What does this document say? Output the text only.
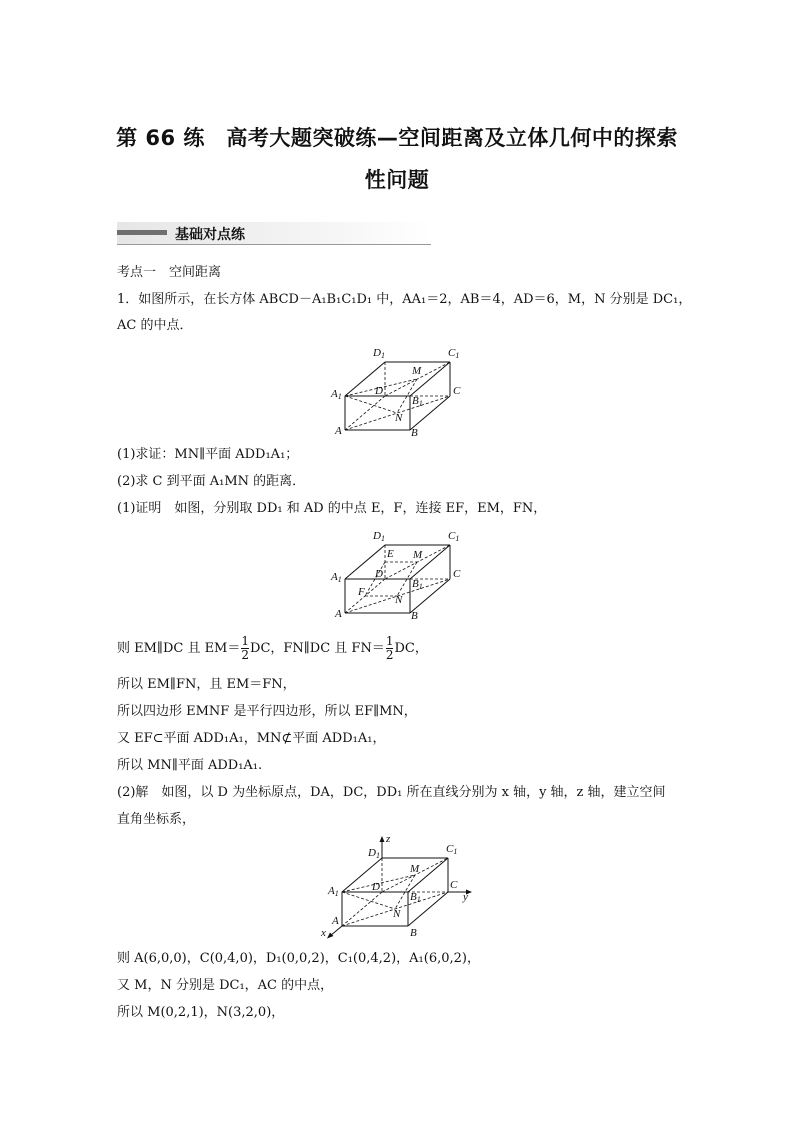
第 66 练　高考大题突破练—空间距离及立体几何中的探索
性问题
基础对点练
考点一　空间距离
1．如图所示，在长方体 ABCD－A₁B₁C₁D₁ 中，AA₁＝2，AB＝4，AD＝6，M，N 分别是 DC₁，
AC 的中点．
D1	C1
M
D	C
A1	B1
N
A	B
(1)求证：MN∥平面 ADD₁A₁；
(2)求 C 到平面 A₁MN 的距离．
(1)证明　如图，分别取 DD₁ 和 AD 的中点 E，F，连接 EF，EM，FN，
D1	C1
E M
D	C
A1	B1
F
N
A	B
则 EM∥DC 且 $EM= \frac{1}{2}$ DC，FN∥DC 且 $FN= \frac{1}{2}$ DC，
所以 EM∥FN，且 EM＝FN，
所以四边形 EMNF 是平行四边形，所以 EF∥MN，
又 EF⊂平面 ADD₁A₁，MN⊄平面 ADD₁A₁，
所以 MN∥平面 ADD₁A₁.
(2)解　如图，以 D 为坐标原点，DA，DC，DD₁ 所在直线分别为 x 轴，y 轴，z 轴，建立空间
直角坐标系，
z
D1
C1
M
D	C
y
A1	B1
N
A
B
x
则 A(6,0,0)，C(0,4,0)，D₁(0,0,2)，C₁(0,4,2)，A₁(6,0,2)，
又 M，N 分别是 DC₁，AC 的中点，
所以 M(0,2,1)，N(3,2,0)，
